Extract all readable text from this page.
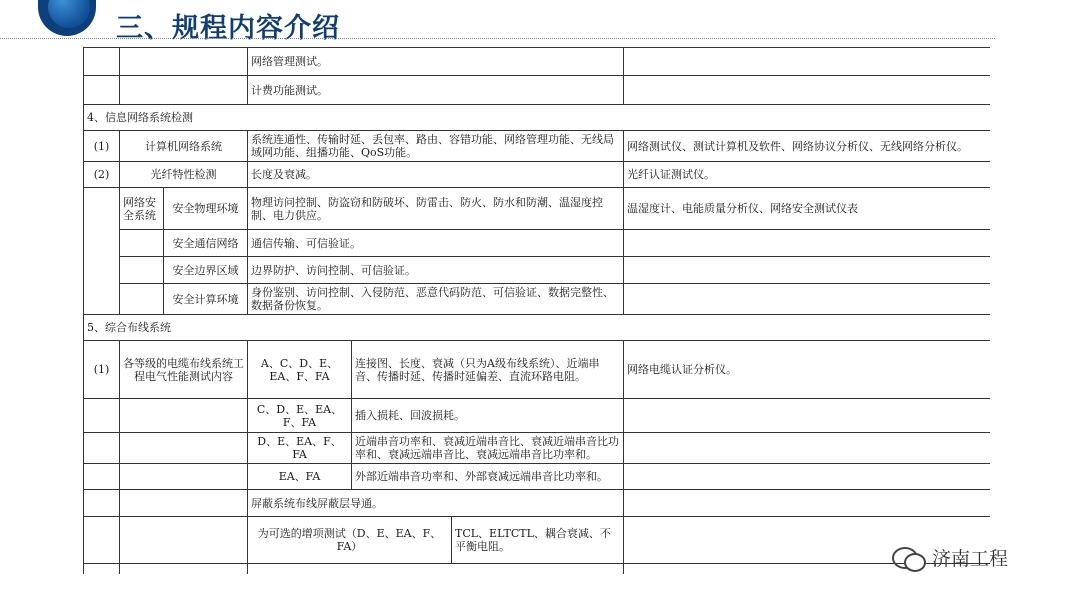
三、规程内容介绍
			网络管理测试。			
			计费功能测试。			
4、信息网络系统检测						
(1)	计算机网络系统		系统连通性、传输时延、丢包率、路由、容错功能、网络管理功能、无线局域网功能、组播功能、QoS功能。			网络测试仪、测试计算机及软件、网络协议分析仪、无线网络分析仪。
(2)	光纤特性检测		长度及衰减。			光纤认证测试仪。
	网络安全系统	安全物理环境	物理访问控制、防盗窃和防破坏、防雷击、防火、防水和防潮、温湿度控制、电力供应。			温湿度计、电能质量分析仪、网络安全测试仪表
		安全通信网络	通信传输、可信验证。			
		安全边界区域	边界防护、访问控制、可信验证。			
		安全计算环境	身份鉴别、访问控制、入侵防范、恶意代码防范、可信验证、数据完整性、数据备份恢复。			
5、综合布线系统						
(1)	各等级的电缆布线系统工程电气性能测试内容		A、C、D、E、EA、F、FA	连接图、长度、衰减（只为A级布线系统）、近端串音、传播时延、传播时延偏差、直流环路电阻。		网络电缆认证分析仪。
			C、D、E、EA、F、FA	插入损耗、回波损耗。		
			D、E、EA、F、FA	近端串音功率和、衰减近端串音比、衰减近端串音比功率和、衰减远端串音比、衰减远端串音比功率和。		
			EA、FA	外部近端串音功率和、外部衰减远端串音比功率和。		
			屏蔽系统布线屏蔽层导通。			
			为可选的增项测试（D、E、EA、F、FA）		TCL、ELTCTL、耦合衰减、不平衡电阻。	

济南工程
